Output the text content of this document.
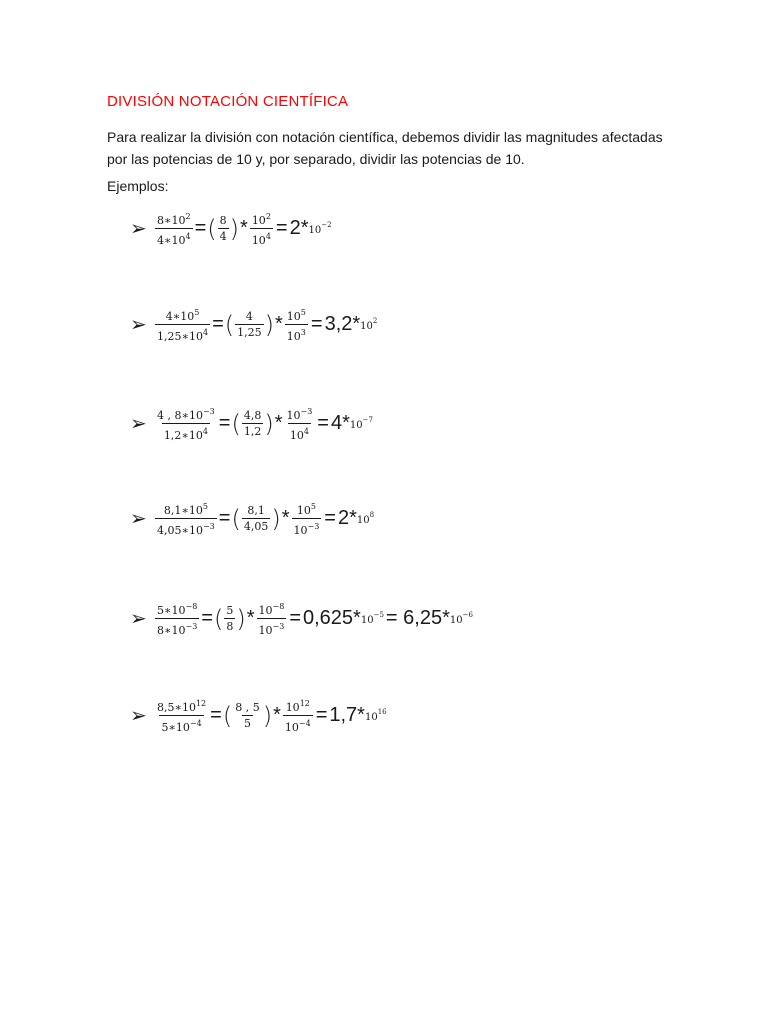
DIVISIÓN NOTACIÓN CIENTÍFICA
Para realizar la división con notación científica, debemos dividir las magnitudes afectadas por las potencias de 10 y, por separado, dividir las potencias de 10.
Ejemplos:
➢ $\frac{8∗10^2}{4∗10^4}$ = ( $\frac{8}{4}$ ) * $\frac{10^2}{10^4} = 2*$ $10^{-2}$
➢ $\frac{4∗10^5}{1,25∗10^4}$ = ( $\frac{4}{1,25}$ ) * $\frac{10^5}{10^3} = 3,2*$ $10^2$
➢ $\frac{4 , 8∗10^{-3}}{1,2∗10^4}$ = ( $\frac{4,8}{1,2}$ ) * $\frac{10^{-3}}{10^4} = 4*$ $10^{-7}$
➢ $\frac{8,1∗10^5}{4,05∗10^{-3}}$ = ( $\frac{8,1}{4,05}$ ) * $\frac{10^5}{10^{-3}} = 2*$ $10^8$
➢ $\frac{5∗10^{-8}}{8∗10^{-3}}$ = ( $\frac{5}{8}$ ) * $\frac{10^{-8}}{10^{-3}} = 0,625*$ $10^{-5} = 6,25*$ $10^{-6}$
➢ $\frac{8,5∗10^{12}}{5∗10^{-4}}$ = ( $\frac{8 , 5}{5}$ ) * $\frac{10^{12}}{10^{-4}} = 1,7*$ $10^{16}$
